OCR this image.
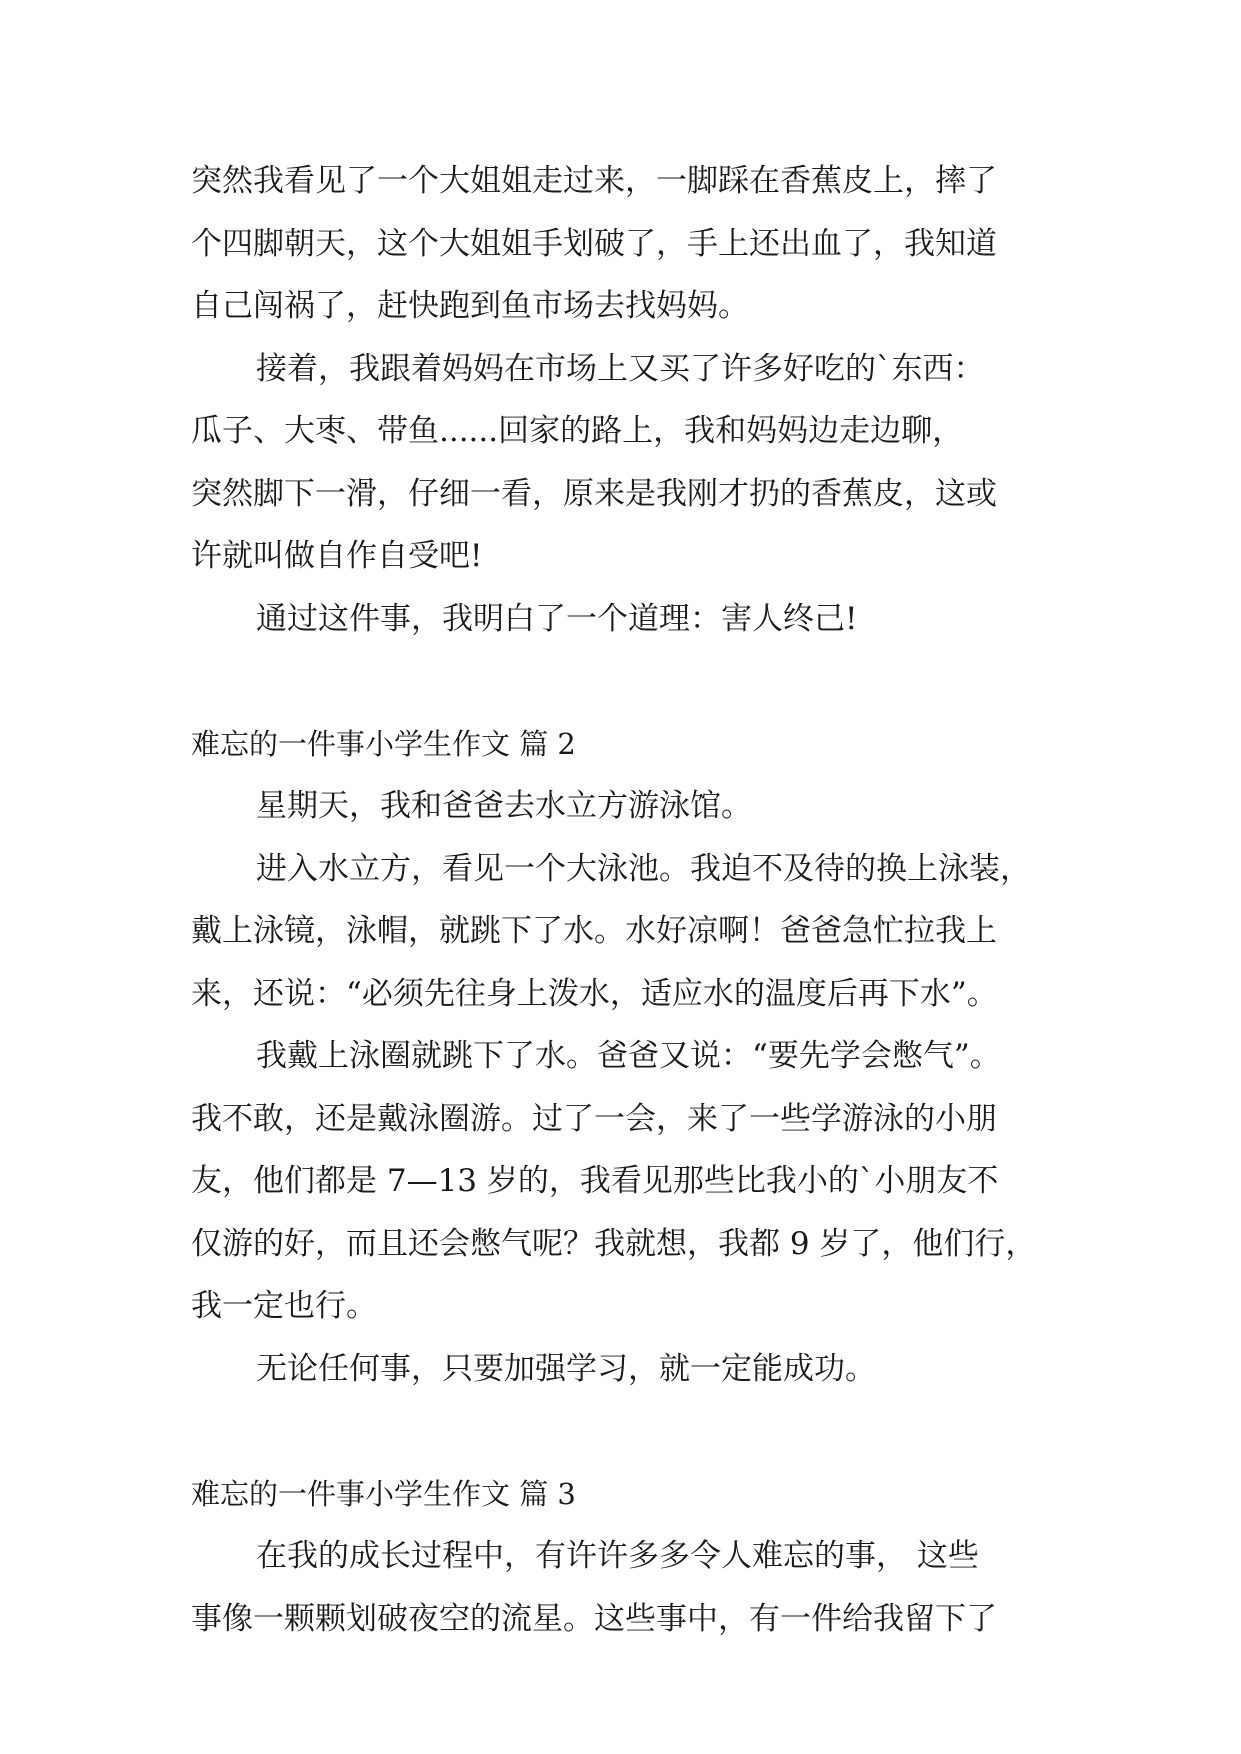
突然我看见了一个大姐姐走过来，一脚踩在香蕉皮上，摔了
个四脚朝天，这个大姐姐手划破了，手上还出血了，我知道
自己闯祸了，赶快跑到鱼市场去找妈妈。
接着，我跟着妈妈在市场上又买了许多好吃的`东西：
瓜子、大枣、带鱼......回家的路上，我和妈妈边走边聊，
突然脚下一滑，仔细一看，原来是我刚才扔的香蕉皮，这或
许就叫做自作自受吧!
通过这件事，我明白了一个道理：害人终己!
难忘的一件事小学生作文 篇 2
星期天，我和爸爸去水立方游泳馆。
进入水立方，看见一个大泳池。我迫不及待的换上泳装，
戴上泳镜，泳帽，就跳下了水。水好凉啊！爸爸急忙拉我上
来，还说：“必须先往身上泼水，适应水的温度后再下水”。
我戴上泳圈就跳下了水。爸爸又说：“要先学会憋气”。
我不敢，还是戴泳圈游。过了一会，来了一些学游泳的小朋
友，他们都是 7—13 岁的，我看见那些比我小的`小朋友不
仅游的好，而且还会憋气呢？我就想，我都 9 岁了，他们行，
我一定也行。
无论任何事，只要加强学习，就一定能成功。
难忘的一件事小学生作文 篇 3
在我的成长过程中，有许许多多令人难忘的事， 这些
事像一颗颗划破夜空的流星。这些事中，有一件给我留下了
